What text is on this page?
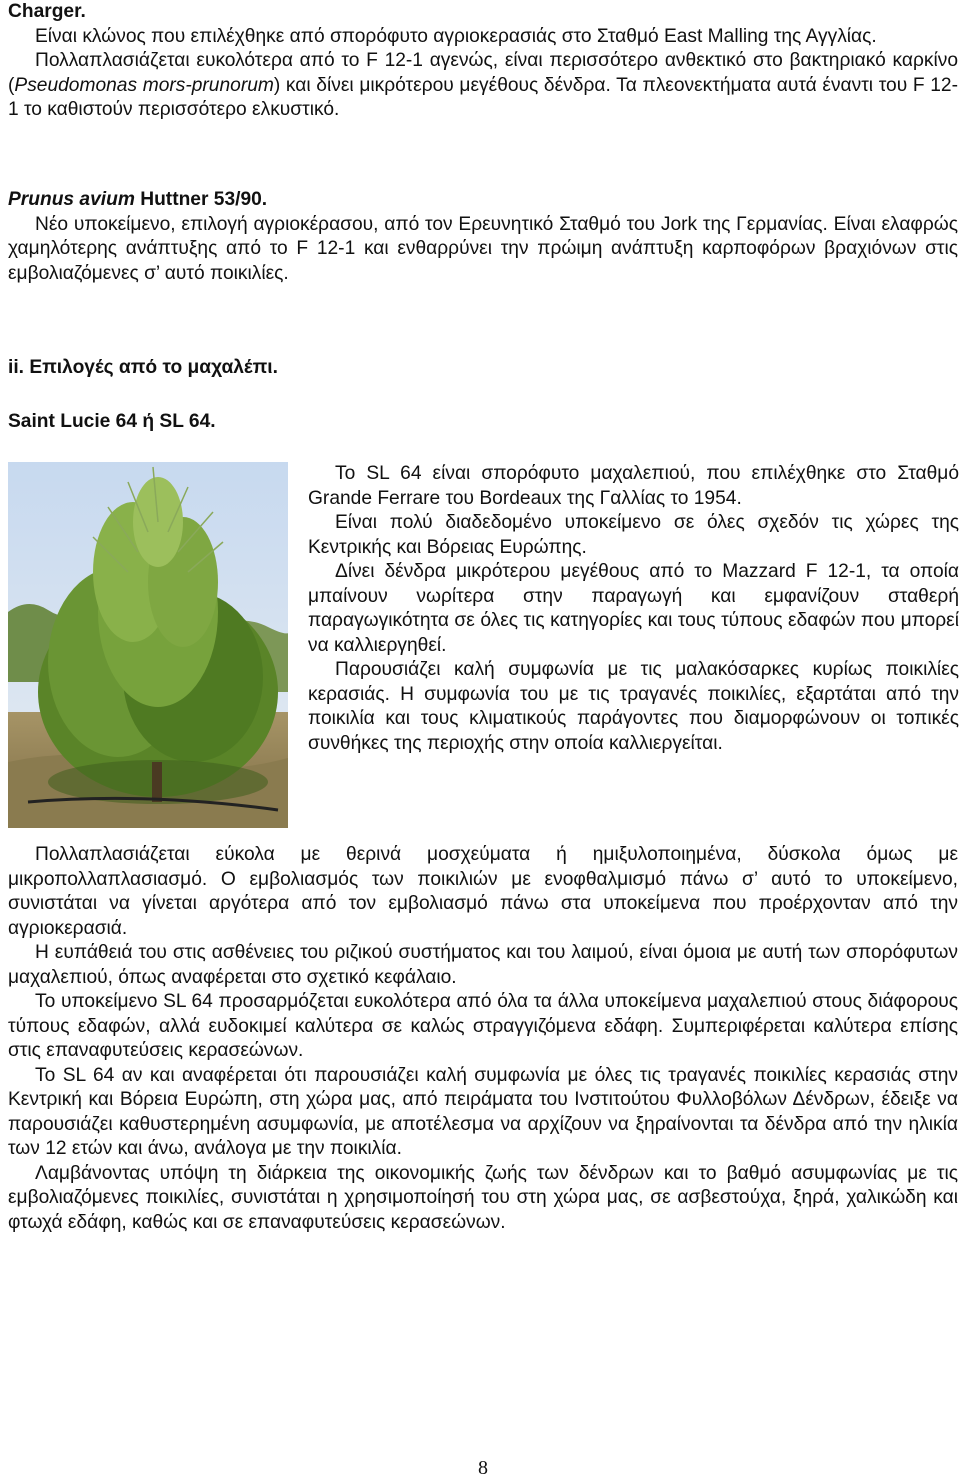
Charger.

Είναι κλώνος που επιλέχθηκε από σπορόφυτο αγριοκερασιάς στο Σταθμό East Malling της Αγγλίας.

Πολλαπλασιάζεται ευκολότερα από το F 12-1 αγενώς, είναι περισσότερο ανθεκτικό στο βακτηριακό καρκίνο (Pseudomonas mors-prunorum) και δίνει μικρότερου μεγέθους δένδρα. Τα πλεονεκτήματα αυτά έναντι του F 12-1 το καθιστούν περισσότερο ελκυστικό.

Prunus avium Huttner 53/90.

Νέο υποκείμενο, επιλογή αγριοκέρασου, από τον Ερευνητικό Σταθμό του Jork της Γερμανίας. Είναι ελαφρώς χαμηλότερης ανάπτυξης από το F 12-1 και ενθαρρύνει την πρώιμη ανάπτυξη καρποφόρων βραχιόνων στις εμβολιαζόμενες σ’ αυτό ποικιλίες.

ii. Επιλογές από το μαχαλέπι.

Saint Lucie 64 ή SL 64.

Το SL 64 είναι σπορόφυτο μαχαλεπιού, που επιλέχθηκε στο Σταθμό Grande Ferrare του Bordeaux της Γαλλίας το 1954.

Είναι πολύ διαδεδομένο υποκείμενο σε όλες σχεδόν τις χώρες της Κεντρικής και Βόρειας Ευρώπης.

Δίνει δένδρα μικρότερου μεγέθους από το Mazzard F 12-1, τα οποία μπαίνουν νωρίτερα στην παραγωγή και εμφανίζουν σταθερή παραγωγικότητα σε όλες τις κατηγορίες και τους τύπους εδαφών που μπορεί να καλλιεργηθεί.

Παρουσιάζει καλή συμφωνία με τις μαλακόσαρκες κυρίως ποικιλίες κερασιάς. Η συμφωνία του με τις τραγανές ποικιλίες, εξαρτάται από την ποικιλία και τους κλιματικούς παράγοντες που διαμορφώνουν οι τοπικές συνθήκες της περιοχής στην οποία καλλιεργείται.

Πολλαπλασιάζεται εύκολα με θερινά μοσχεύματα ή ημιξυλοποιημένα, δύσκολα όμως με μικροπολλαπλασιασμό. Ο εμβολιασμός των ποικιλιών με ενοφθαλμισμό πάνω σ’ αυτό το υποκείμενο, συνιστάται να γίνεται αργότερα από τον εμβολιασμό πάνω στα υποκείμενα που προέρχονταν από την αγριοκερασιά.

Η ευπάθειά του στις ασθένειες του ριζικού συστήματος και του λαιμού, είναι όμοια με αυτή των σπορόφυτων μαχαλεπιού, όπως αναφέρεται στο σχετικό κεφάλαιο.

Το υποκείμενο SL 64 προσαρμόζεται ευκολότερα από όλα τα άλλα υποκείμενα μαχαλεπιού στους διάφορους τύπους εδαφών, αλλά ευδοκιμεί καλύτερα σε καλώς στραγγιζόμενα εδάφη. Συμπεριφέρεται καλύτερα επίσης στις επαναφυτεύσεις κερασεώνων.

Το SL 64 αν και αναφέρεται ότι παρουσιάζει καλή συμφωνία με όλες τις τραγανές ποικιλίες κερασιάς στην Κεντρική και Βόρεια Ευρώπη, στη χώρα μας, από πειράματα του Ινστιτούτου Φυλλοβόλων Δένδρων, έδειξε να παρουσιάζει καθυστερημένη ασυμφωνία, με αποτέλεσμα να αρχίζουν να ξηραίνονται τα δένδρα από την ηλικία των 12 ετών και άνω, ανάλογα με την ποικιλία.

Λαμβάνοντας υπόψη τη διάρκεια της οικονομικής ζωής των δένδρων και το βαθμό ασυμφωνίας με τις εμβολιαζόμενες ποικιλίες, συνιστάται η χρησιμοποίησή του στη χώρα μας, σε ασβεστούχα, ξηρά, χαλικώδη και φτωχά εδάφη, καθώς και σε επαναφυτεύσεις κερασεώνων.

8
